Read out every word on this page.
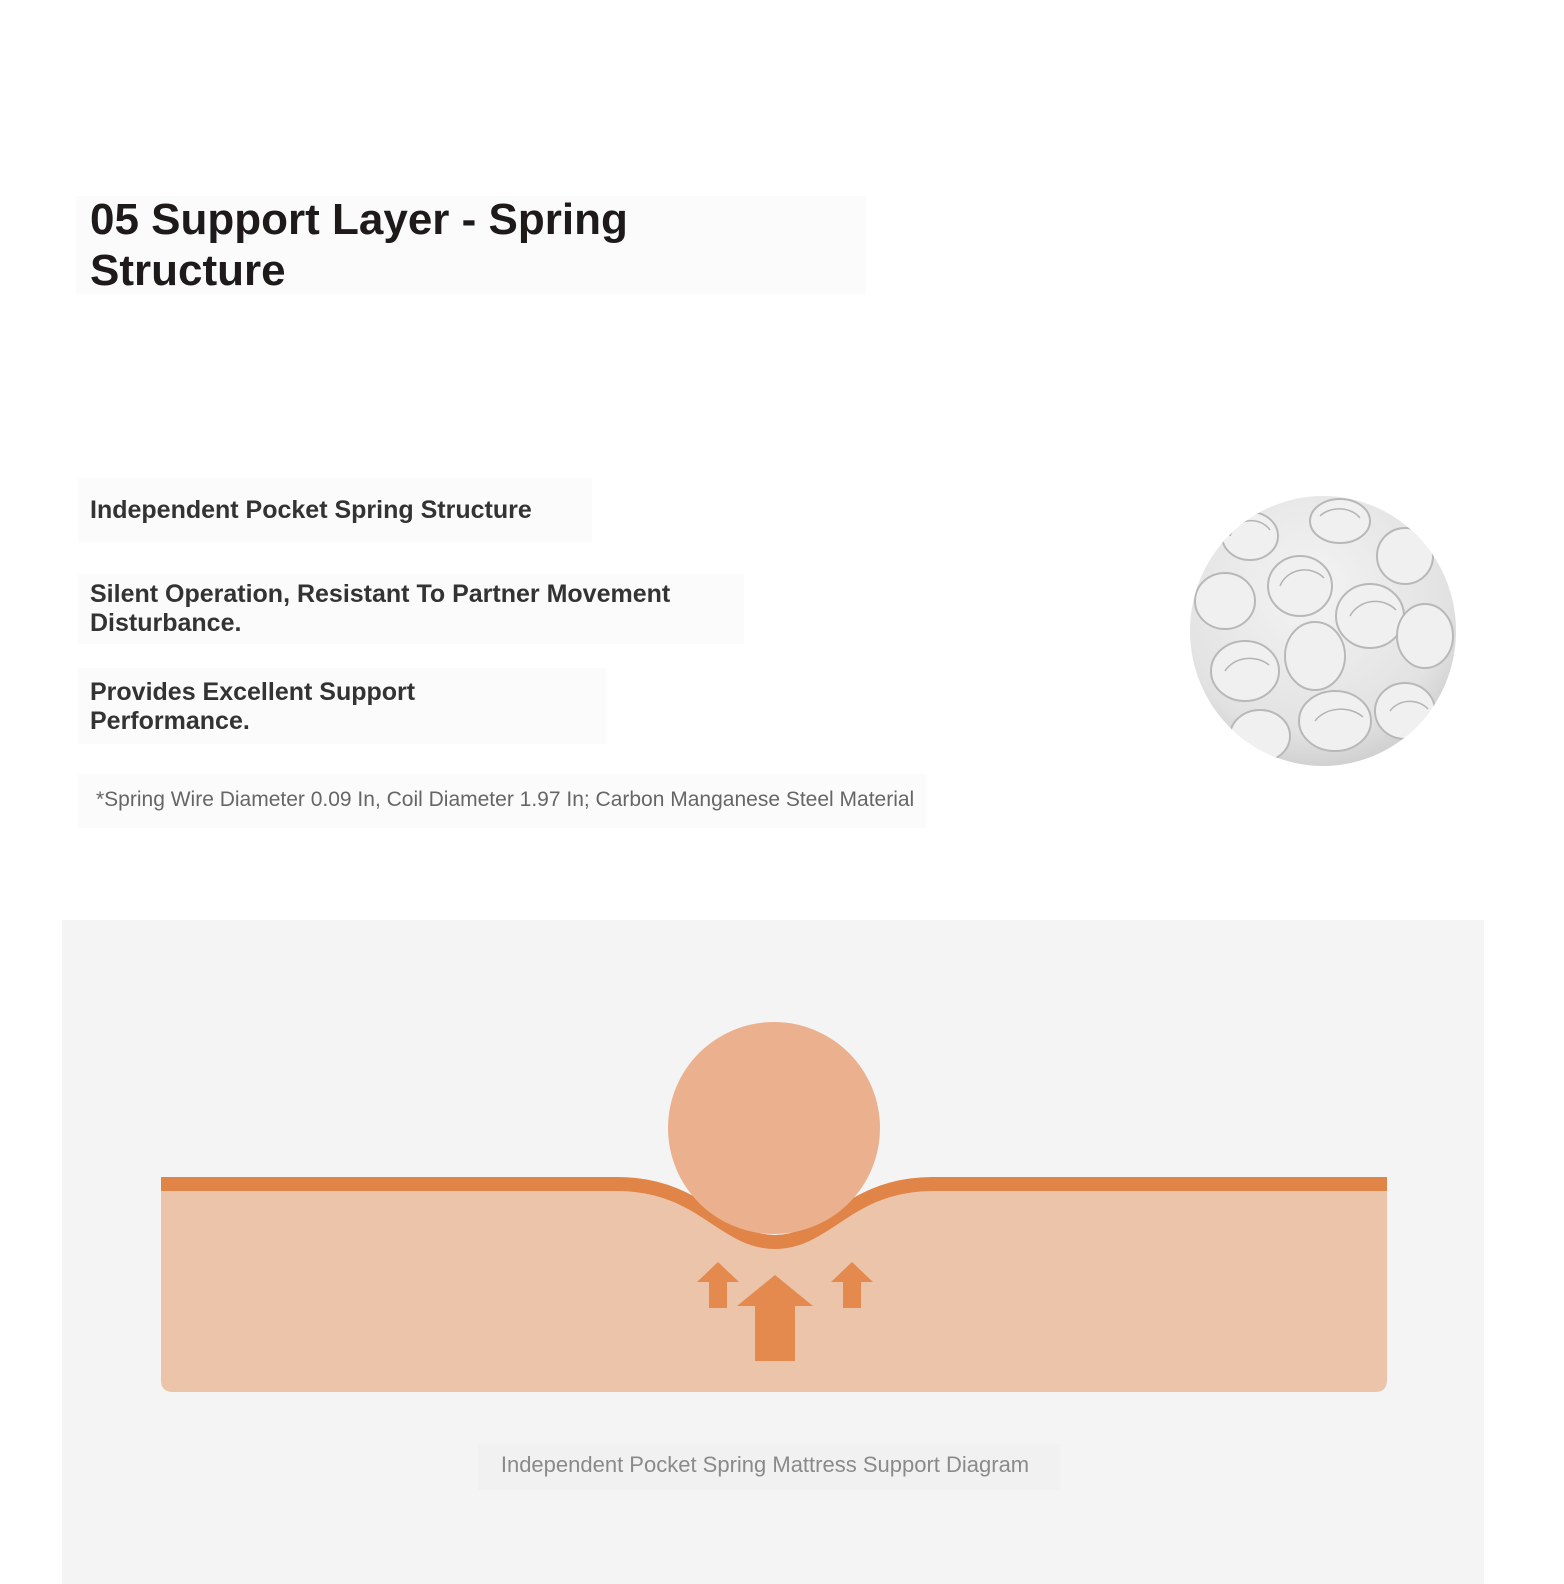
05 Support Layer - Spring Structure

Independent Pocket Spring Structure

Silent Operation, Resistant To Partner Movement Disturbance.

Provides Excellent Support Performance.

*Spring Wire Diameter 0.09 In, Coil Diameter 1.97 In; Carbon Manganese Steel Material

Independent Pocket Spring Mattress Support Diagram
